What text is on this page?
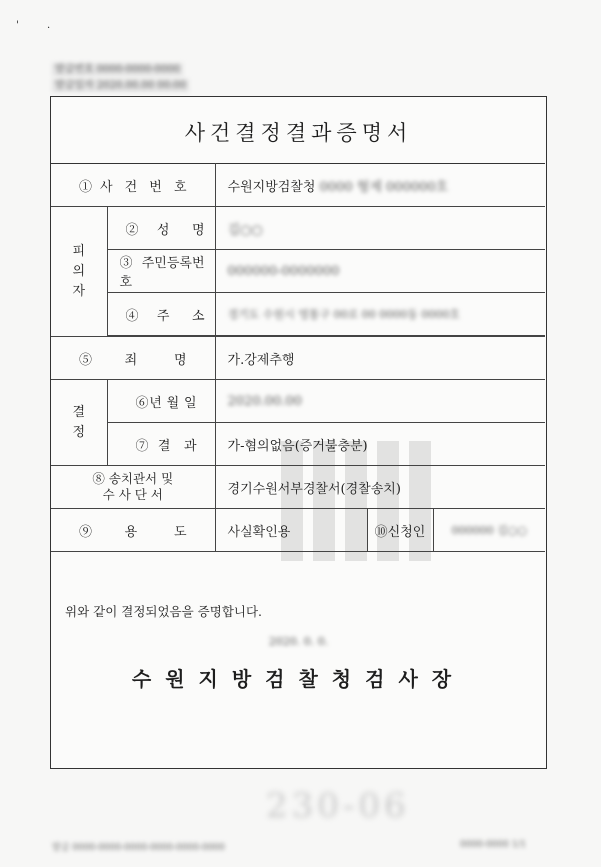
'	.
발급번호 0000-0000-0000
발급일자 2020.00.00 00:00
사건결정결과증명서
①사 건 번 호		수원지방검찰청 0000 형제 000000호		
피
의
자	②성 명	김○○		
	③주민등록번호	000000-0000000		
	④주 소	경기도 수원시 영통구 00로 00 0000동 0000호		

⑤죄 명		가.강제추행		
결
정	⑥년 월 일	2020.00.00		
	⑦결 과	가-혐의없음(증거불충분)		

⑧ 송치관서 및
수 사 단 서		경기수원서부경찰서(경찰송치)		
⑨용 도		사실확인용	⑩신청인	000000 김○○
위와 같이 결정되었음을 증명합니다.
2020. 0. 0.
수원지방검찰청검사장
230-06
발급 0000-0000-0000-0000-0000-0000	0000-0000 1/1
